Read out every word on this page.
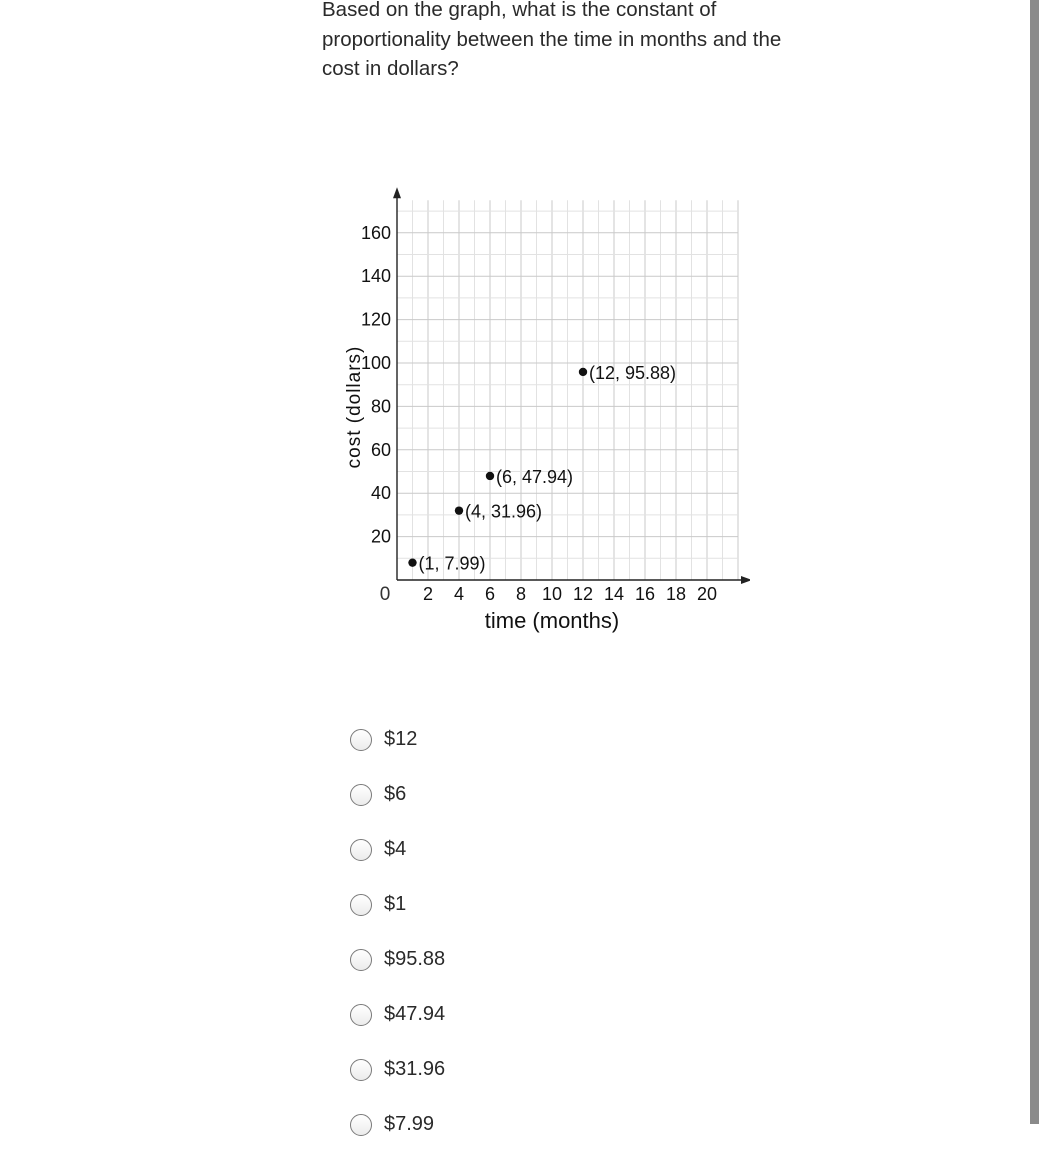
Based on the graph, what is the constant of proportionality between the time in months and the cost in dollars?

0 2 4 6 8 10 12 14 16 18 20
20
40
60
80
100
120
140
160
(1, 7.99)
(4, 31.96)
(6, 47.94)
(12, 95.88)
time (months)
cost (dollars)
$12
$6
$4
$1
$95.88
$47.94
$31.96
$7.99
